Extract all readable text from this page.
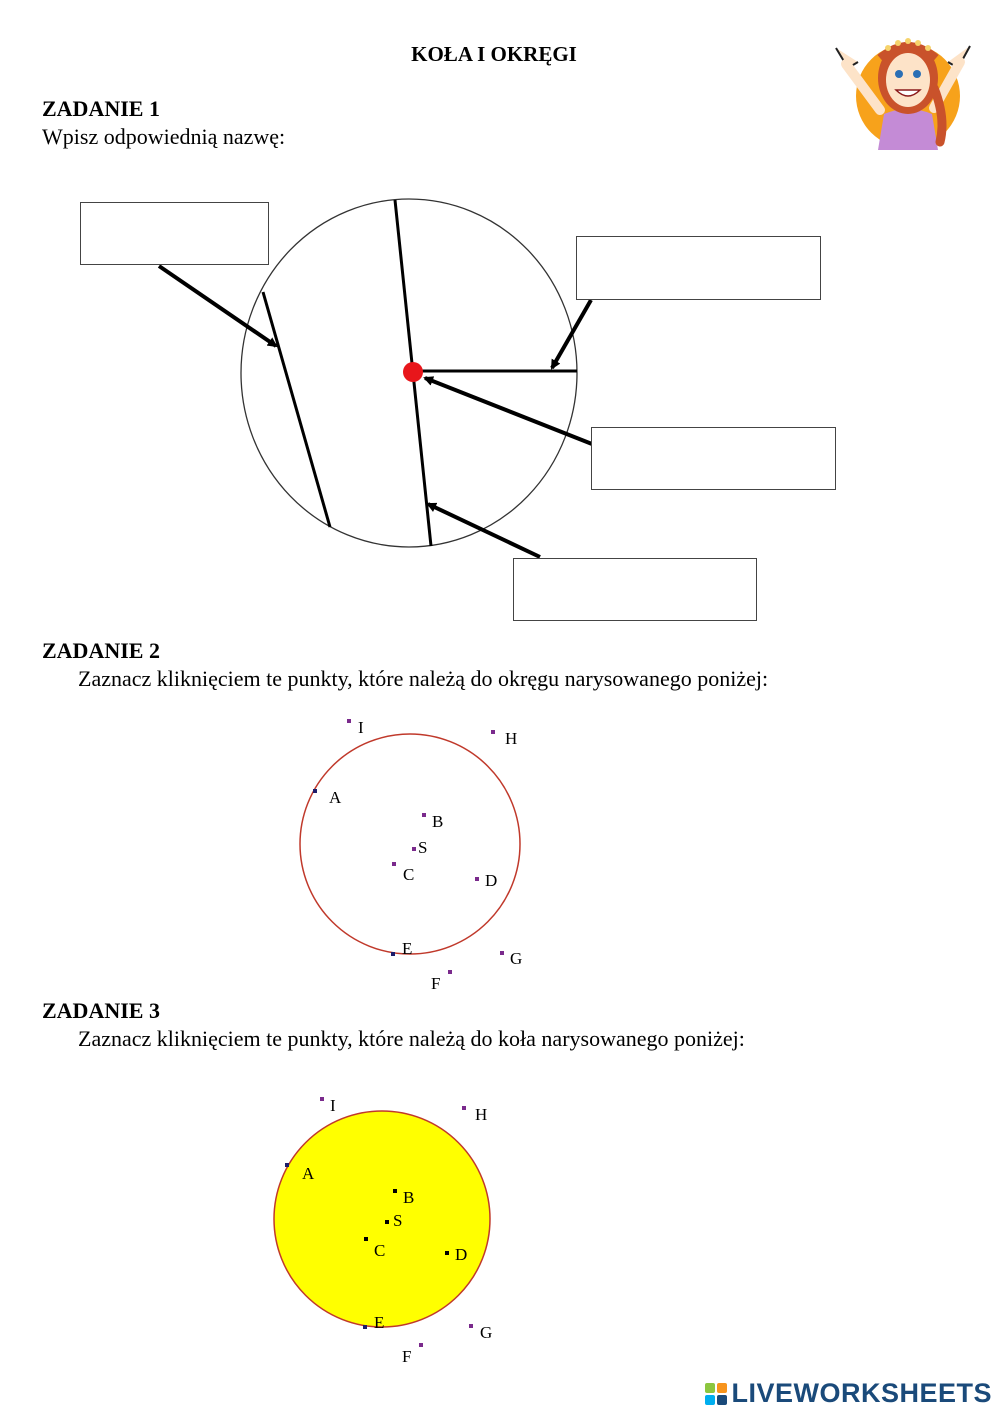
KOŁA I OKRĘGI
ZADANIE 1
Wpisz odpowiednią nazwę:
ZADANIE 2
Zaznacz kliknięciem te punkty, które należą do okręgu narysowanego poniżej:
I
H
A
B
S
C	D
E
G
F
ZADANIE 3
Zaznacz kliknięciem te punkty, które należą do koła narysowanego poniżej:
I	H
A
B
S
C	D
E
G
F
LIVEWORKSHEETS
